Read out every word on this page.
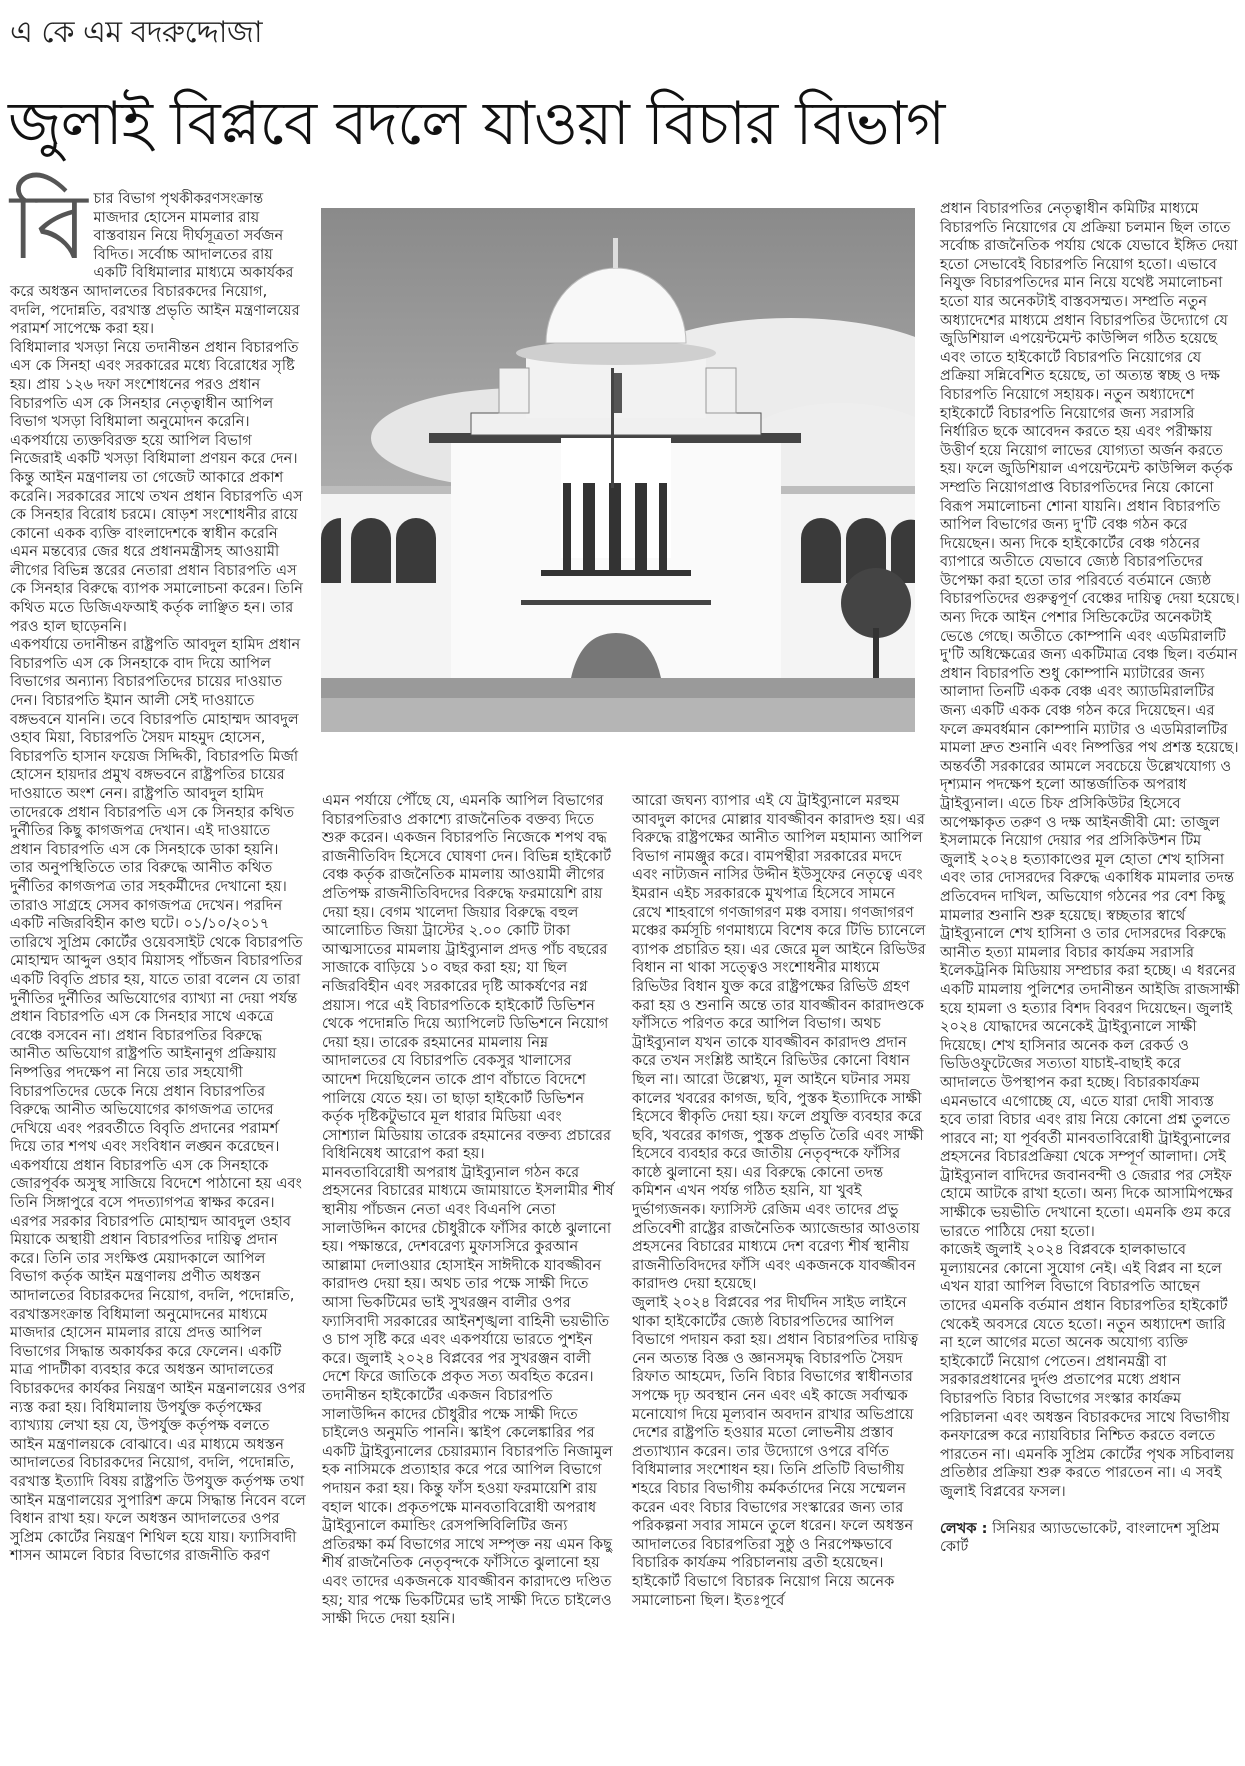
এ কে এম বদরুদ্দোজা
জুলাই বিপ্লবে বদলে যাওয়া বিচার বিভাগ

বিচার বিভাগ পৃথকীকরণসংক্রান্ত মাজদার হোসেন মামলার রায় বাস্তবায়ন নিয়ে দীর্ঘসূত্রতা সর্বজন বিদিত। সর্বোচ্চ আদালতের রায় একটি বিধিমালার মাধ্যমে অকার্যকর করে অধস্তন আদালতের বিচারকদের নিয়োগ, বদলি, পদোন্নতি, বরখাস্ত প্রভৃতি আইন মন্ত্রণালয়ের পরামর্শ সাপেক্ষে করা হয়।

বিধিমালার খসড়া নিয়ে তদানীন্তন প্রধান বিচারপতি এস কে সিনহা এবং সরকারের মধ্যে বিরোধের সৃষ্টি হয়। প্রায় ১২৬ দফা সংশোধনের পরও প্রধান বিচারপতি এস কে সিনহার নেতৃত্বাধীন আপিল বিভাগ খসড়া বিধিমালা অনুমোদন করেনি। একপর্যায়ে ত্যক্তবিরক্ত হয়ে আপিল বিভাগ নিজেরাই একটি খসড়া বিধিমালা প্রণয়ন করে দেন। কিন্তু আইন মন্ত্রণালয় তা গেজেট আকারে প্রকাশ করেনি। সরকারের সাথে তখন প্রধান বিচারপতি এস কে সিনহার বিরোধ চরমে। ষোড়শ সংশোধনীর রায়ে কোনো একক ব্যক্তি বাংলাদেশকে স্বাধীন করেনি এমন মন্তব্যের জের ধরে প্রধানমন্ত্রীসহ আওয়ামী লীগের বিভিন্ন স্তরের নেতারা প্রধান বিচারপতি এস কে সিনহার বিরুদ্ধে ব্যাপক সমালোচনা করেন। তিনি কথিত মতে ডিজিএফআই কর্তৃক লাঞ্ছিত হন। তার পরও হাল ছাড়েননি।

একপর্যায়ে তদানীন্তন রাষ্ট্রপতি আবদুল হামিদ প্রধান বিচারপতি এস কে সিনহাকে বাদ দিয়ে আপিল বিভাগের অন্যান্য বিচারপতিদের চায়ের দাওয়াত দেন। বিচারপতি ইমান আলী সেই দাওয়াতে বঙ্গভবনে যাননি। তবে বিচারপতি মোহাম্মদ আবদুল ওহাব মিয়া, বিচারপতি সৈয়দ মাহমুদ হোসেন, বিচারপতি হাসান ফয়েজ সিদ্দিকী, বিচারপতি মির্জা হোসেন হায়দার প্রমুখ বঙ্গভবনে রাষ্ট্রপতির চায়ের দাওয়াতে অংশ নেন। রাষ্ট্রপতি আবদুল হামিদ তাদেরকে প্রধান বিচারপতি এস কে সিনহার কথিত দুর্নীতির কিছু কাগজপত্র দেখান। এই দাওয়াতে প্রধান বিচারপতি এস কে সিনহাকে ডাকা হয়নি। তার অনুপস্থিতিতে তার বিরুদ্ধে আনীত কথিত দুর্নীতির কাগজপত্র তার সহকর্মীদের দেখানো হয়। তারাও সাগ্রহে সেসব কাগজপত্র দেখেন। পরদিন একটি নজিরবিহীন কাণ্ড ঘটে। ০১/১০/২০১৭ তারিখে সুপ্রিম কোর্টের ওয়েবসাইট থেকে বিচারপতি মোহাম্মদ আব্দুল ওহাব মিয়াসহ পাঁচজন বিচারপতির একটি বিবৃতি প্রচার হয়, যাতে তারা বলেন যে তারা দুর্নীতির দুর্নীতির অভিযোগের ব্যাখ্যা না দেয়া পর্যন্ত প্রধান বিচারপতি এস কে সিনহার সাথে একত্রে বেঞ্চে বসবেন না। প্রধান বিচারপতির বিরুদ্ধে আনীত অভিযোগ রাষ্ট্রপতি আইনানুগ প্রক্রিয়ায় নিষ্পত্তির পদক্ষেপ না নিয়ে তার সহযোগী বিচারপতিদের ডেকে নিয়ে প্রধান বিচারপতির বিরুদ্ধে আনীত অভিযোগের কাগজপত্র তাদের দেখিয়ে এবং পরবর্তীতে বিবৃতি প্রদানের পরামর্শ দিয়ে তার শপথ এবং সংবিধান লঙ্ঘন করেছেন। একপর্যায়ে প্রধান বিচারপতি এস কে সিনহাকে জোরপূর্বক অসুস্থ সাজিয়ে বিদেশে পাঠানো হয় এবং তিনি সিঙ্গাপুরে বসে পদত্যাগপত্র স্বাক্ষর করেন।

এরপর সরকার বিচারপতি মোহাম্মদ আবদুল ওহাব মিয়াকে অস্থায়ী প্রধান বিচারপতির দায়িত্ব প্রদান করে। তিনি তার সংক্ষিপ্ত মেয়াদকালে আপিল বিভাগ কর্তৃক আইন মন্ত্রণালয় প্রণীত অধস্তন আদালতের বিচারকদের নিয়োগ, বদলি, পদোন্নতি, বরখাস্তসংক্রান্ত বিধিমালা অনুমোদনের মাধ্যমে মাজদার হোসেন মামলার রায়ে প্রদত্ত আপিল বিভাগের সিদ্ধান্ত অকার্যকর করে ফেলেন। একটি মাত্র পাদটীকা ব্যবহার করে অধস্তন আদালতের বিচারকদের কার্যকর নিয়ন্ত্রণ আইন মন্ত্রনালয়ের ওপর ন্যস্ত করা হয়। বিধিমালায় উপর্যুক্ত কর্তৃপক্ষের ব্যাখ্যায় লেখা হয় যে, উপর্যুক্ত কর্তৃপক্ষ বলতে আইন মন্ত্রণালয়কে বোঝাবে। এর মাধ্যমে অধস্তন আদালতের বিচারকদের নিয়োগ, বদলি, পদোন্নতি, বরখাস্ত ইত্যাদি বিষয় রাষ্ট্রপতি উপযুক্ত কর্তৃপক্ষ তথা আইন মন্ত্রণালয়ের সুপারিশ ক্রমে সিদ্ধান্ত নিবেন বলে বিধান রাখা হয়। ফলে অধস্তন আদালতের ওপর সুপ্রিম কোর্টের নিয়ন্ত্রণ শিথিল হয়ে যায়। ফ্যাসিবাদী শাসন আমলে বিচার বিভাগের রাজনীতি করণ

এমন পর্যায়ে পৌঁছে যে, এমনকি আপিল বিভাগের বিচারপতিরাও প্রকাশ্যে রাজনৈতিক বক্তব্য দিতে শুরু করেন। একজন বিচারপতি নিজেকে শপথ বদ্ধ রাজনীতিবিদ হিসেবে ঘোষণা দেন। বিভিন্ন হাইকোর্ট বেঞ্চ কর্তৃক রাজনৈতিক মামলায় আওয়ামী লীগের প্রতিপক্ষ রাজনীতিবিদদের বিরুদ্ধে ফরমায়েশি রায় দেয়া হয়। বেগম খালেদা জিয়ার বিরুদ্ধে বহুল আলোচিত জিয়া ট্রাস্টের ২.০০ কোটি টাকা আত্মসাতের মামলায় ট্রাইব্যুনাল প্রদত্ত পাঁচ বছরের সাজাকে বাড়িয়ে ১০ বছর করা হয়; যা ছিল নজিরবিহীন এবং সরকারের দৃষ্টি আকর্ষণের নগ্ন প্রয়াস। পরে এই বিচারপতিকে হাইকোর্ট ডিভিশন থেকে পদোন্নতি দিয়ে অ্যাপিলেট ডিভিশনে নিয়োগ দেয়া হয়। তারেক রহমানের মামলায় নিম্ন আদালতের যে বিচারপতি বেকসুর খালাসের আদেশ দিয়েছিলেন তাকে প্রাণ বাঁচাতে বিদেশে পালিয়ে যেতে হয়। তা ছাড়া হাইকোর্ট ডিভিশন কর্তৃক দৃষ্টিকটুভাবে মূল ধারার মিডিয়া এবং সোশ্যাল মিডিয়ায় তারেক রহমানের বক্তব্য প্রচারের বিধিনিষেধ আরোপ করা হয়।

মানবতাবিরোধী অপরাধ ট্রাইব্যুনাল গঠন করে প্রহসনের বিচারের মাধ্যমে জামায়াতে ইসলামীর শীর্ষ স্থানীয় পাঁচজন নেতা এবং বিএনপি নেতা সালাউদ্দিন কাদের চৌধুরীকে ফাঁসির কাষ্ঠে ঝুলানো হয়। পক্ষান্তরে, দেশবরেণ্য মুফাসসিরে কুরআন আল্লামা দেলাওয়ার হোসাইন সাঈদীকে যাবজ্জীবন কারাদণ্ড দেয়া হয়। অথচ তার পক্ষে সাক্ষী দিতে আসা ভিকটিমের ভাই সুখরঞ্জন বালীর ওপর ফ্যাসিবাদী সরকারের আইনশৃঙ্খলা বাহিনী ভয়ভীতি ও চাপ সৃষ্টি করে এবং একপর্যায়ে ভারতে পুশইন করে। জুলাই ২০২৪ বিপ্লবের পর সুখরঞ্জন বালী দেশে ফিরে জাতিকে প্রকৃত সত্য অবহিত করেন। তদানীন্তন হাইকোর্টের একজন বিচারপতি সালাউদ্দিন কাদের চৌধুরীর পক্ষে সাক্ষী দিতে চাইলেও অনুমতি পাননি। স্কাইপ কেলেঙ্কারির পর একটি ট্রাইব্যুনালের চেয়ারম্যান বিচারপতি নিজামুল হক নাসিমকে প্রত্যাহার করে পরে আপিল বিভাগে পদায়ন করা হয়। কিন্তু ফাঁস হওয়া ফরমায়েশি রায় বহাল থাকে। প্রকৃতপক্ষে মানবতাবিরোধী অপরাধ ট্রাইব্যুনালে কমান্ডিং রেসপন্সিবিলিটির জন্য প্রতিরক্ষা কর্ম বিভাগের সাথে সম্পৃক্ত নয় এমন কিছু শীর্ষ রাজনৈতিক নেতৃবৃন্দকে ফাঁসিতে ঝুলানো হয় এবং তাদের একজনকে যাবজ্জীবন কারাদণ্ডে দণ্ডিত হয়; যার পক্ষে ভিকটিমের ভাই সাক্ষী দিতে চাইলেও সাক্ষী দিতে দেয়া হয়নি।

আরো জঘন্য ব্যাপার এই যে ট্রাইব্যুনালে মরহুম আবদুল কাদের মোল্লার যাবজ্জীবন কারাদণ্ড হয়। এর বিরুদ্ধে রাষ্ট্রপক্ষের আনীত আপিল মহামান্য আপিল বিভাগ নামঞ্জুর করে। বামপন্থীরা সরকারের মদদে এবং নাট্যজন নাসির উদ্দীন ইউসুফের নেতৃত্বে এবং ইমরান এইচ সরকারকে মুখপাত্র হিসেবে সামনে রেখে শাহবাগে গণজাগরণ মঞ্চ বসায়। গণজাগরণ মঞ্চের কর্মসূচি গণমাধ্যমে বিশেষ করে টিভি চ্যানেলে ব্যাপক প্রচারিত হয়। এর জেরে মূল আইনে রিভিউর বিধান না থাকা সত্ত্বেও সংশোধনীর মাধ্যমে রিভিউর বিধান যুক্ত করে রাষ্ট্রপক্ষের রিভিউ গ্রহণ করা হয় ও শুনানি অন্তে তার যাবজ্জীবন কারাদণ্ডকে ফাঁসিতে পরিণত করে আপিল বিভাগ। অথচ ট্রাইব্যুনাল যখন তাকে যাবজ্জীবন কারাদণ্ড প্রদান করে তখন সংশ্লিষ্ট আইনে রিভিউর কোনো বিধান ছিল না। আরো উল্লেখ্য, মূল আইনে ঘটনার সময় কালের খবরের কাগজ, ছবি, পুস্তক ইত্যাদিকে সাক্ষী হিসেবে স্বীকৃতি দেয়া হয়। ফলে প্রযুক্তি ব্যবহার করে ছবি, খবরের কাগজ, পুস্তক প্রভৃতি তৈরি এবং সাক্ষী হিসেবে ব্যবহার করে জাতীয় নেতৃবৃন্দকে ফাঁসির কাষ্ঠে ঝুলানো হয়। এর বিরুদ্ধে কোনো তদন্ত কমিশন এখন পর্যন্ত গঠিত হয়নি, যা খুবই দুর্ভাগ্যজনক। ফ্যাসিস্ট রেজিম এবং তাদের প্রভু প্রতিবেশী রাষ্ট্রের রাজনৈতিক অ্যাজেন্ডার আওতায় প্রহসনের বিচারের মাধ্যমে দেশ বরেণ্য শীর্ষ স্থানীয় রাজনীতিবিদদের ফাঁসি এবং একজনকে যাবজ্জীবন কারাদণ্ড দেয়া হয়েছে।

জুলাই ২০২৪ বিপ্লবের পর দীর্ঘদিন সাইড লাইনে থাকা হাইকোর্টের জ্যেষ্ঠ বিচারপতিদের আপিল বিভাগে পদায়ন করা হয়। প্রধান বিচারপতির দায়িত্ব নেন অত্যন্ত বিজ্ঞ ও জ্ঞানসমৃদ্ধ বিচারপতি সৈয়দ রিফাত আহমেদ, তিনি বিচার বিভাগের স্বাধীনতার সপক্ষে দৃঢ় অবস্থান নেন এবং এই কাজে সর্বাত্মক মনোযোগ দিয়ে মূল্যবান অবদান রাখার অভিপ্রায়ে দেশের রাষ্ট্রপতি হওয়ার মতো লোভনীয় প্রস্তাব প্রত্যাখ্যান করেন। তার উদ্যোগে ওপরে বর্ণিত বিধিমালার সংশোধন হয়। তিনি প্রতিটি বিভাগীয় শহরে বিচার বিভাগীয় কর্মকর্তাদের নিয়ে সম্মেলন করেন এবং বিচার বিভাগের সংস্কারের জন্য তার পরিকল্পনা সবার সামনে তুলে ধরেন। ফলে অধস্তন আদালতের বিচারপতিরা সুষ্ঠু ও নিরপেক্ষভাবে বিচারিক কার্যক্রম পরিচালনায় ব্রতী হয়েছেন। হাইকোর্ট বিভাগে বিচারক নিয়োগ নিয়ে অনেক সমালোচনা ছিল। ইতঃপূর্বে

প্রধান বিচারপতির নেতৃত্বাধীন কমিটির মাধ্যমে বিচারপতি নিয়োগের যে প্রক্রিয়া চলমান ছিল তাতে সর্বোচ্চ রাজনৈতিক পর্যায় থেকে যেভাবে ইঙ্গিত দেয়া হতো সেভাবেই বিচারপতি নিয়োগ হতো। এভাবে নিযুক্ত বিচারপতিদের মান নিয়ে যথেষ্ট সমালোচনা হতো যার অনেকটাই বাস্তবসম্মত। সম্প্রতি নতুন অধ্যাদেশের মাধ্যমে প্রধান বিচারপতির উদ্যোগে যে জুডিশিয়াল এপয়েন্টমেন্ট কাউন্সিল গঠিত হয়েছে এবং তাতে হাইকোর্টে বিচারপতি নিয়োগের যে প্রক্রিয়া সন্নিবেশিত হয়েছে, তা অত্যন্ত স্বচ্ছ ও দক্ষ বিচারপতি নিয়োগে সহায়ক। নতুন অধ্যাদেশে হাইকোর্টে বিচারপতি নিয়োগের জন্য সরাসরি নির্ধারিত ছকে আবেদন করতে হয় এবং পরীক্ষায় উত্তীর্ণ হয়ে নিয়োগ লাভের যোগ্যতা অর্জন করতে হয়। ফলে জুডিশিয়াল এপয়েন্টমেন্ট কাউন্সিল কর্তৃক সম্প্রতি নিয়োগপ্রাপ্ত বিচারপতিদের নিয়ে কোনো বিরূপ সমালোচনা শোনা যায়নি। প্রধান বিচারপতি আপিল বিভাগের জন্য দু'টি বেঞ্চ গঠন করে দিয়েছেন। অন্য দিকে হাইকোর্টের বেঞ্চ গঠনের ব্যাপারে অতীতে যেভাবে জ্যেষ্ঠ বিচারপতিদের উপেক্ষা করা হতো তার পরিবর্তে বর্তমানে জ্যেষ্ঠ বিচারপতিদের গুরুত্বপূর্ণ বেঞ্চের দায়িত্ব দেয়া হয়েছে। অন্য দিকে আইন পেশার সিন্ডিকেটের অনেকটাই ভেঙে গেছে। অতীতে কোম্পানি এবং এডমিরালটি দু'টি অধিক্ষেত্রের জন্য একটিমাত্র বেঞ্চ ছিল। বর্তমান প্রধান বিচারপতি শুধু কোম্পানি ম্যাটারের জন্য আলাদা তিনটি একক বেঞ্চ এবং অ্যাডমিরালটির জন্য একটি একক বেঞ্চ গঠন করে দিয়েছেন। এর ফলে ক্রমবর্ধমান কোম্পানি ম্যাটার ও এডমিরালটির মামলা দ্রুত শুনানি এবং নিষ্পত্তির পথ প্রশস্ত হয়েছে।

অন্তর্বর্তী সরকারের আমলে সবচেয়ে উল্লেখযোগ্য ও দৃশ্যমান পদক্ষেপ হলো আন্তর্জাতিক অপরাধ ট্রাইব্যুনাল। এতে চিফ প্রসিকিউটর হিসেবে অপেক্ষাকৃত তরুণ ও দক্ষ আইনজীবী মো: তাজুল ইসলামকে নিয়োগ দেয়ার পর প্রসিকিউশন টিম জুলাই ২০২৪ হত্যাকাণ্ডের মূল হোতা শেখ হাসিনা এবং তার দোসরদের বিরুদ্ধে একাধিক মামলার তদন্ত প্রতিবেদন দাখিল, অভিযোগ গঠনের পর বেশ কিছু মামলার শুনানি শুরু হয়েছে। স্বচ্ছতার স্বার্থে ট্রাইব্যুনালে শেখ হাসিনা ও তার দোসরদের বিরুদ্ধে আনীত হত্যা মামলার বিচার কার্যক্রম সরাসরি ইলেকট্রনিক মিডিয়ায় সম্প্রচার করা হচ্ছে। এ ধরনের একটি মামলায় পুলিশের তদানীন্তন আইজি রাজসাক্ষী হয়ে হামলা ও হত্যার বিশদ বিবরণ দিয়েছেন। জুলাই ২০২৪ যোদ্ধাদের অনেকেই ট্রাইব্যুনালে সাক্ষী দিয়েছে। শেখ হাসিনার অনেক কল রেকর্ড ও ভিডিওফুটেজের সত্যতা যাচাই-বাছাই করে আদালতে উপস্থাপন করা হচ্ছে। বিচারকার্যক্রম এমনভাবে এগোচ্ছে যে, এতে যারা দোষী সাব্যস্ত হবে তারা বিচার এবং রায় নিয়ে কোনো প্রশ্ন তুলতে পারবে না; যা পূর্ববর্তী মানবতাবিরোধী ট্রাইব্যুনালের প্রহসনের বিচারপ্রক্রিয়া থেকে সম্পূর্ণ আলাদা। সেই ট্রাইব্যুনাল বাদিদের জবানবন্দী ও জেরার পর সেইফ হোমে আটকে রাখা হতো। অন্য দিকে আসামিপক্ষের সাক্ষীকে ভয়ভীতি দেখানো হতো। এমনকি গুম করে ভারতে পাঠিয়ে দেয়া হতো।

কাজেই জুলাই ২০২৪ বিপ্লবকে হালকাভাবে মূল্যায়নের কোনো সুযোগ নেই। এই বিপ্লব না হলে এখন যারা আপিল বিভাগে বিচারপতি আছেন তাদের এমনকি বর্তমান প্রধান বিচারপতির হাইকোর্ট থেকেই অবসরে যেতে হতো। নতুন অধ্যাদেশ জারি না হলে আগের মতো অনেক অযোগ্য ব্যক্তি হাইকোর্টে নিয়োগ পেতেন। প্রধানমন্ত্রী বা সরকারপ্রধানের দুর্দণ্ড প্রতাপের মধ্যে প্রধান বিচারপতি বিচার বিভাগের সংস্কার কার্যক্রম পরিচালনা এবং অধস্তন বিচারকদের সাথে বিভাগীয় কনফারেন্স করে ন্যায়বিচার নিশ্চিত করতে বলতে পারতেন না। এমনকি সুপ্রিম কোর্টের পৃথক সচিবালয় প্রতিষ্ঠার প্রক্রিয়া শুরু করতে পারতেন না। এ সবই জুলাই বিপ্লবের ফসল।

লেখক : সিনিয়র অ্যাডভোকেট, বাংলাদেশ সুপ্রিম কোর্ট
